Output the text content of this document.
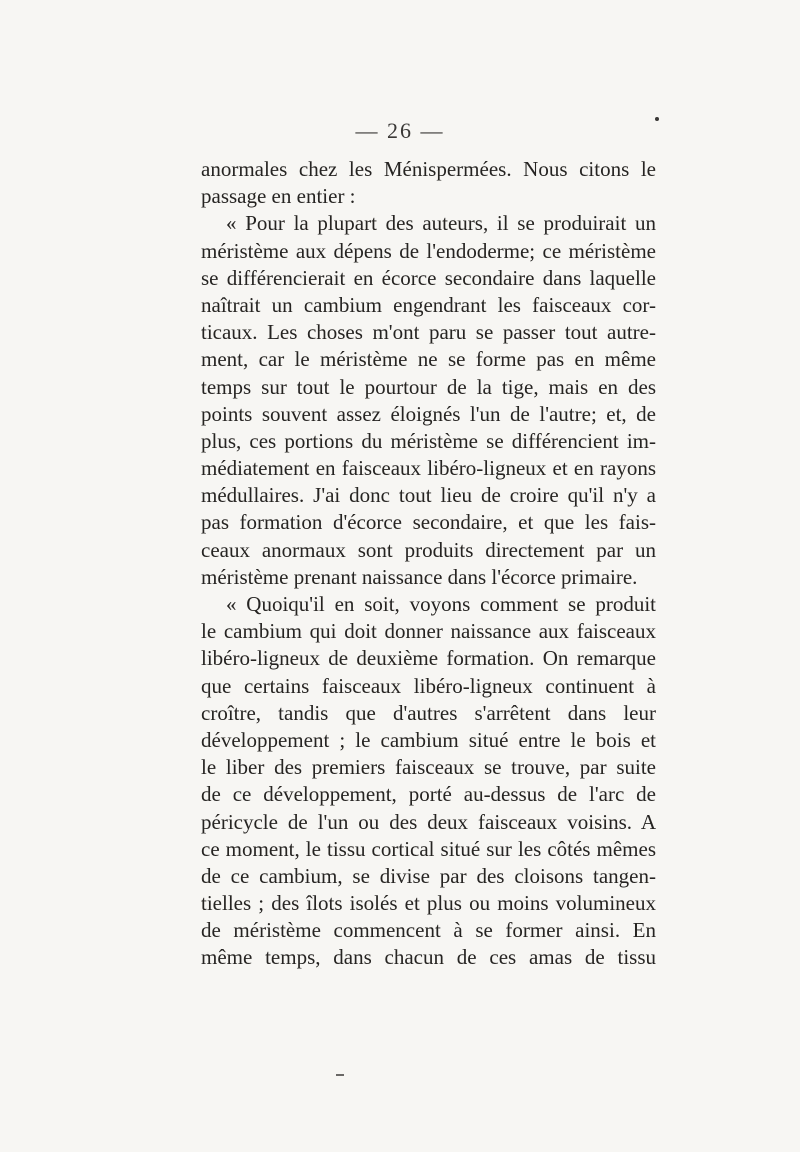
— 26 —
anormales chez les Ménispermées. Nous citons le
passage en entier :
« Pour la plupart des auteurs, il se produirait un
méristème aux dépens de l'endoderme; ce méristème
se différencierait en écorce secondaire dans laquelle
naîtrait un cambium engendrant les faisceaux cor-
ticaux. Les choses m'ont paru se passer tout autre-
ment, car le méristème ne se forme pas en même
temps sur tout le pourtour de la tige, mais en des
points souvent assez éloignés l'un de l'autre; et, de
plus, ces portions du méristème se différencient im-
médiatement en faisceaux libéro-ligneux et en rayons
médullaires. J'ai donc tout lieu de croire qu'il n'y a
pas formation d'écorce secondaire, et que les fais-
ceaux anormaux sont produits directement par un
méristème prenant naissance dans l'écorce primaire.
« Quoiqu'il en soit, voyons comment se produit
le cambium qui doit donner naissance aux faisceaux
libéro-ligneux de deuxième formation. On remarque
que certains faisceaux libéro-ligneux continuent à
croître, tandis que d'autres s'arrêtent dans leur
développement ; le cambium situé entre le bois et
le liber des premiers faisceaux se trouve, par suite
de ce développement, porté au-dessus de l'arc de
péricycle de l'un ou des deux faisceaux voisins. A
ce moment, le tissu cortical situé sur les côtés mêmes
de ce cambium, se divise par des cloisons tangen-
tielles ; des îlots isolés et plus ou moins volumineux
de méristème commencent à se former ainsi. En
même temps, dans chacun de ces amas de tissu
